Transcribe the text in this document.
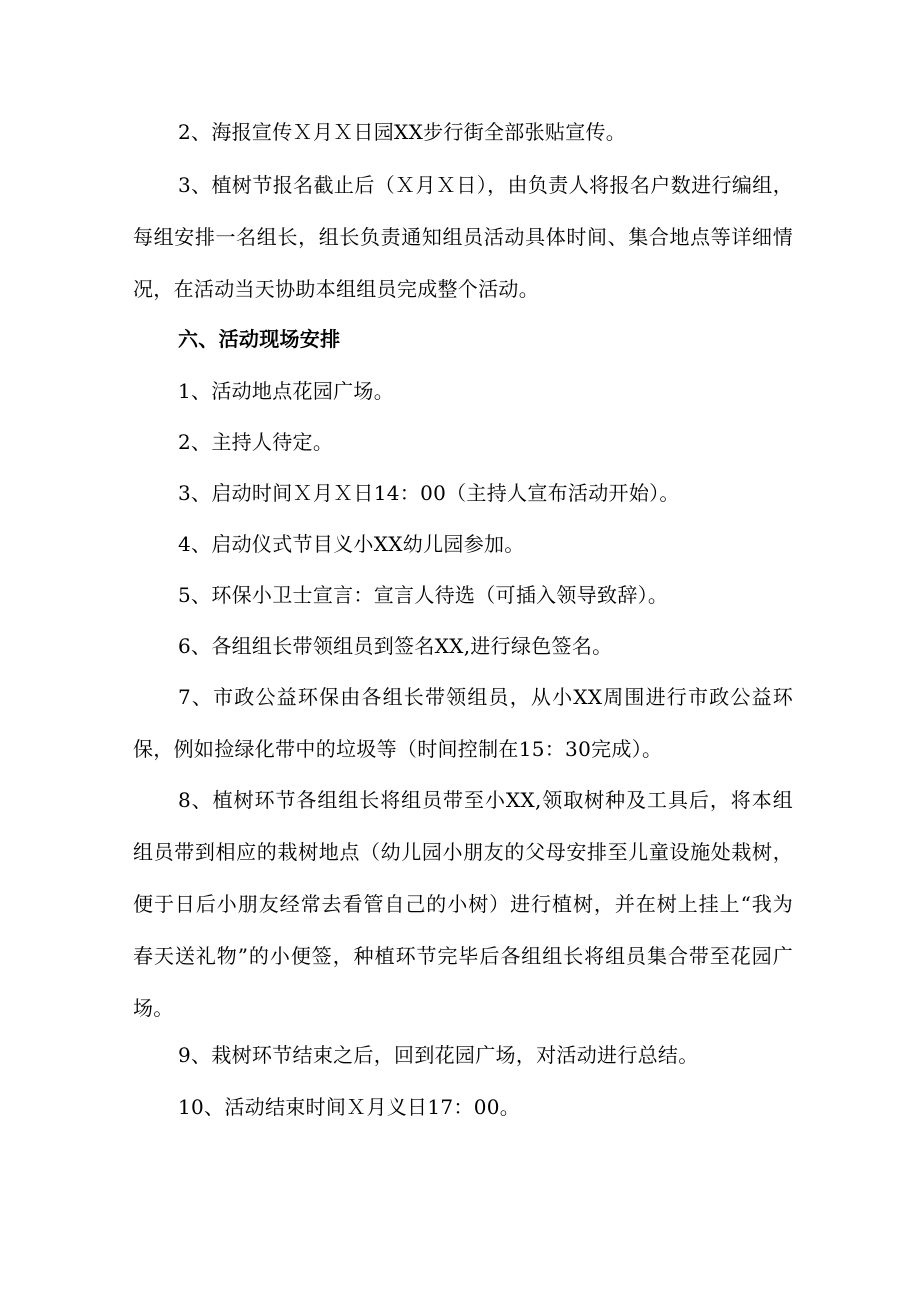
2、海报宣传Ｘ月Ｘ日园XX步行街全部张贴宣传。

3、植树节报名截止后（Ｘ月Ｘ日），由负责人将报名户数进行编组，每组安排一名组长，组长负责通知组员活动具体时间、集合地点等详细情况，在活动当天协助本组组员完成整个活动。

六、活动现场安排

1、活动地点花园广场。

2、主持人待定。

3、启动时间Ｘ月Ｘ日14：00（主持人宣布活动开始）。

4、启动仪式节目义小XX幼儿园参加。

5、环保小卫士宣言：宣言人待选（可插入领导致辞）。

6、各组组长带领组员到签名XX,进行绿色签名。

7、市政公益环保由各组长带领组员，从小XX周围进行市政公益环保，例如捡绿化带中的垃圾等（时间控制在15：30完成）。

8、植树环节各组组长将组员带至小XX,领取树种及工具后，将本组组员带到相应的栽树地点（幼儿园小朋友的父母安排至儿童设施处栽树，便于日后小朋友经常去看管自己的小树）进行植树，并在树上挂上“我为春天送礼物”的小便签，种植环节完毕后各组组长将组员集合带至花园广场。

9、栽树环节结束之后，回到花园广场，对活动进行总结。

10、活动结束时间Ｘ月义日17：00。
